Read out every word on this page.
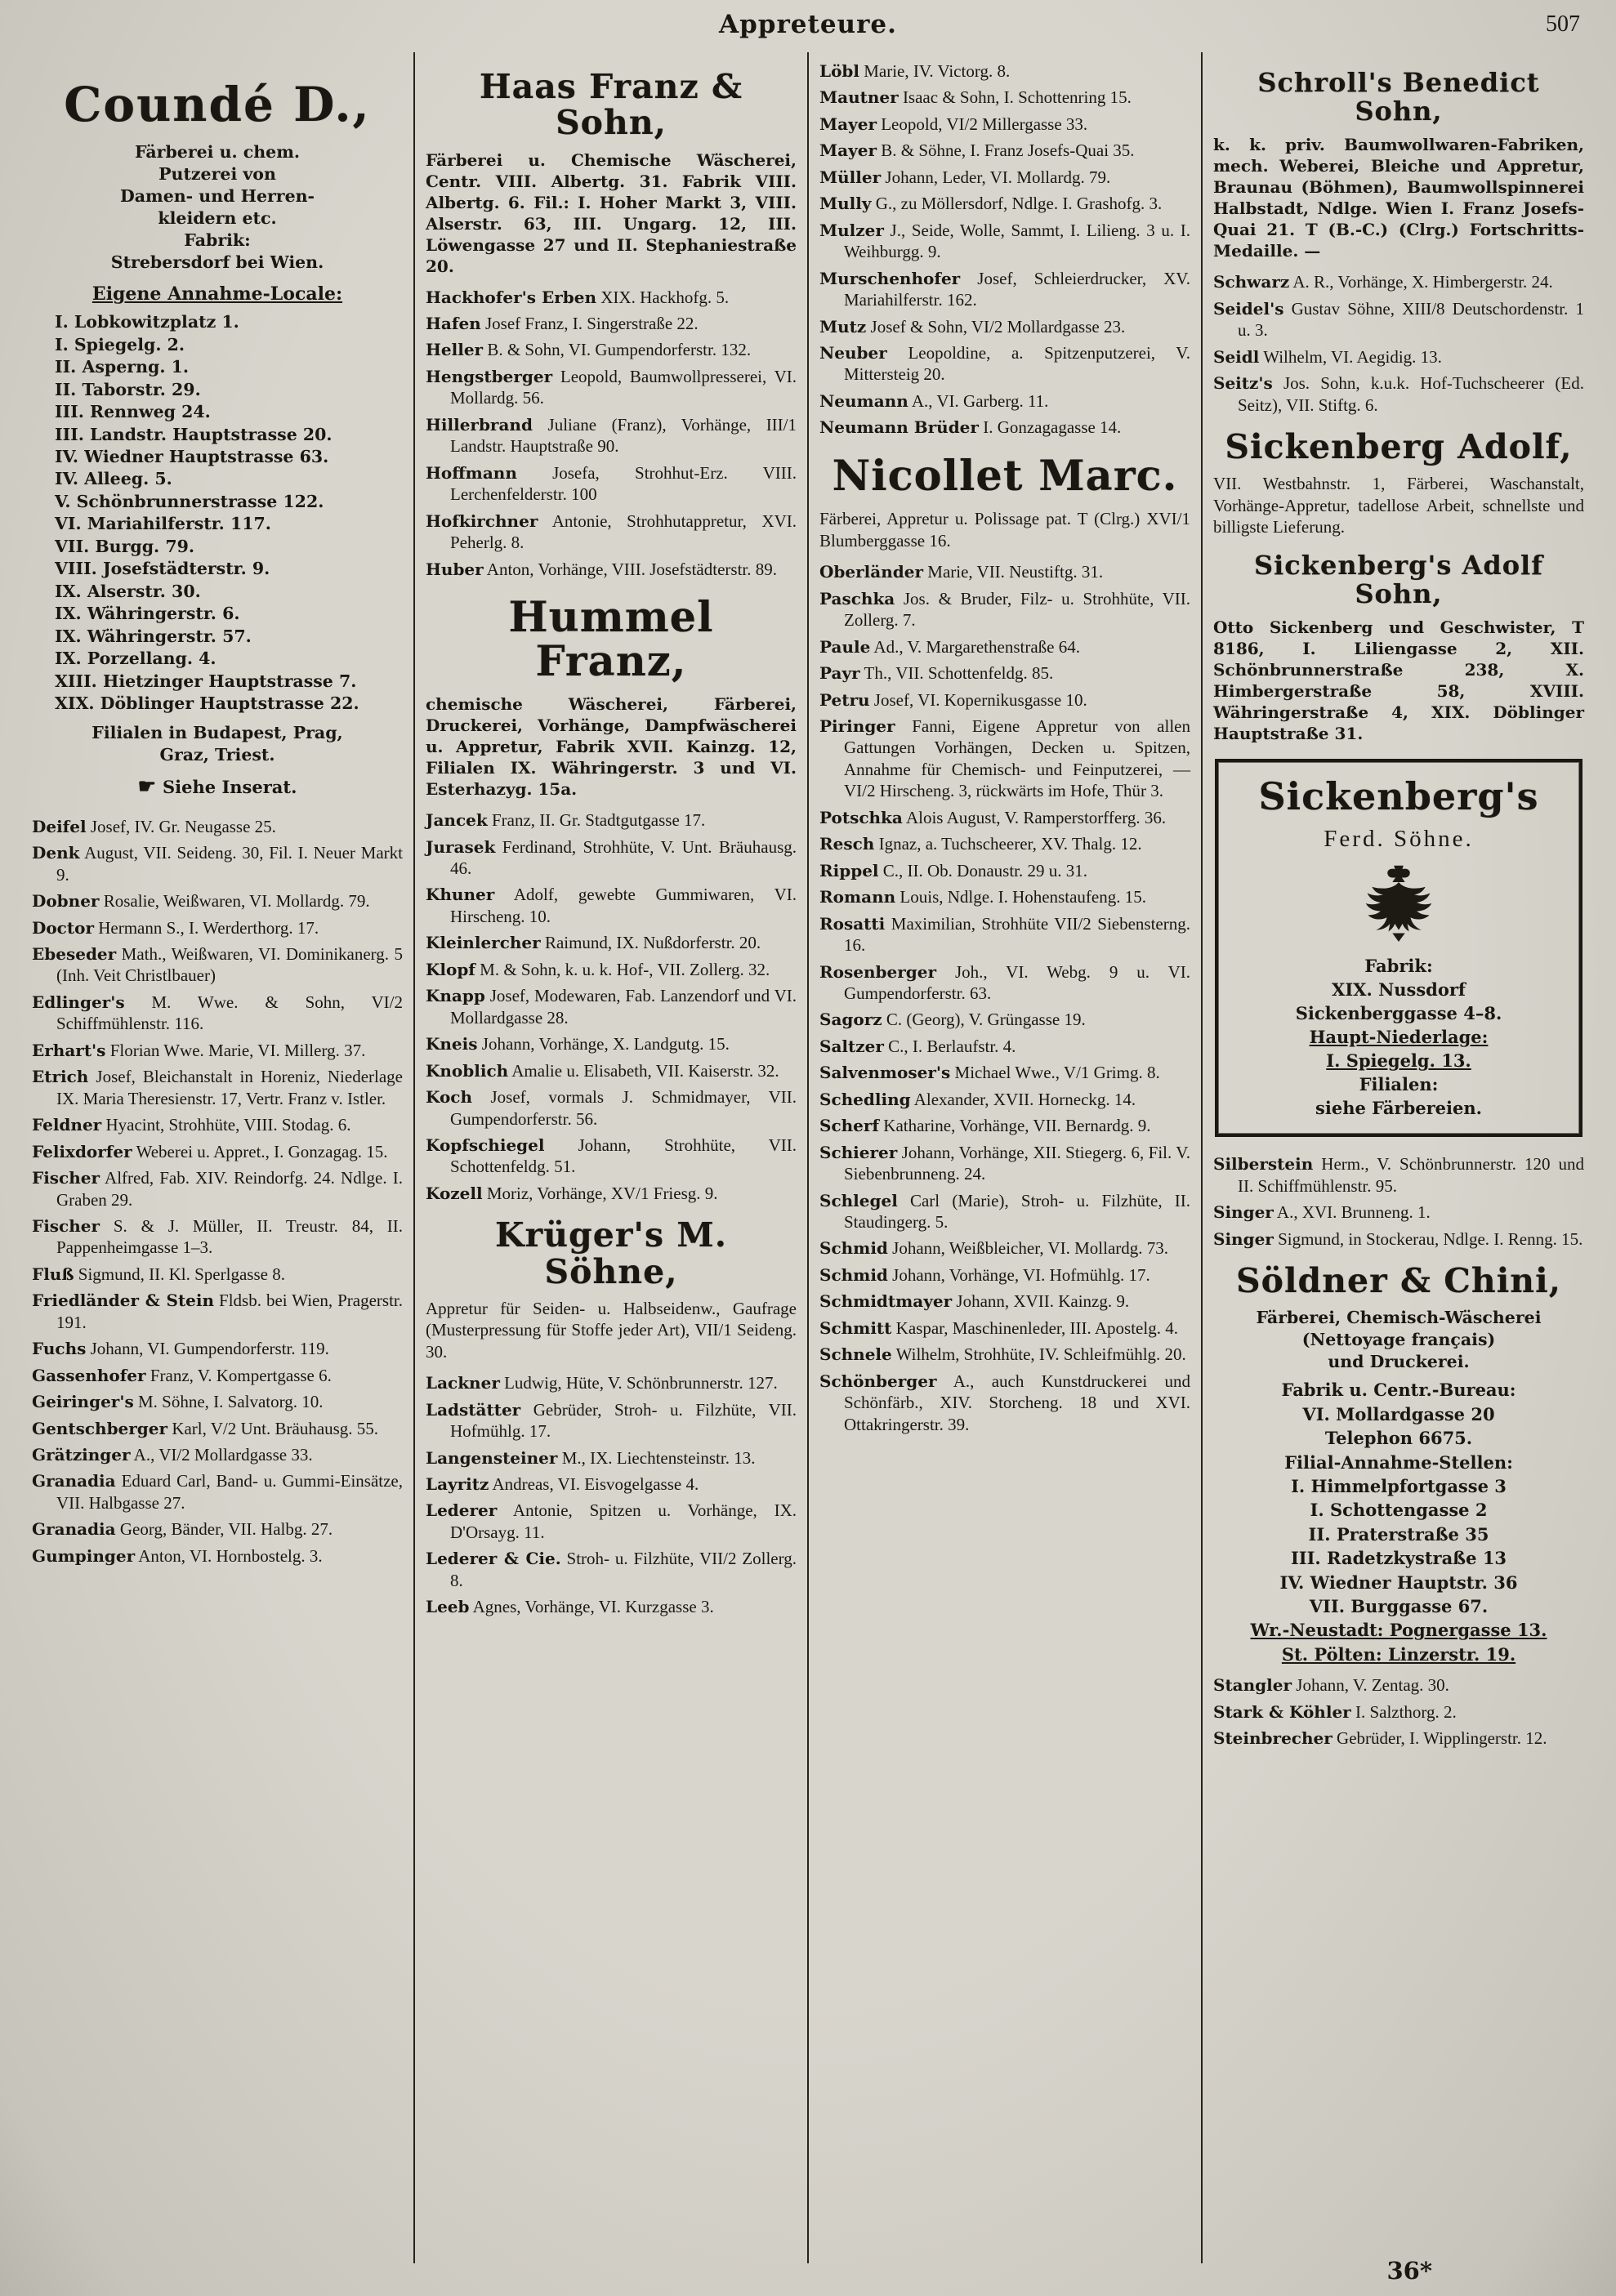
Appreteure.	507
Coundé D.,
Färberei u. chem.
Putzerei von
Damen- und Herren-
kleidern etc.
Fabrik:
Strebersdorf bei Wien.
Eigene Annahme-Locale:
I. Lobkowitzplatz 1.
I. Spiegelg. 2.
II. Asperng. 1.
II. Taborstr. 29.
III. Rennweg 24.
III. Landstr. Hauptstrasse 20.
IV. Wiedner Hauptstrasse 63.
IV. Alleeg. 5.
V. Schönbrunnerstrasse 122.
VI. Mariahilferstr. 117.
VII. Burgg. 79.
VIII. Josefstädterstr. 9.
IX. Alserstr. 30.
IX. Währingerstr. 6.
IX. Währingerstr. 57.
IX. Porzellang. 4.
XIII. Hietzinger Hauptstrasse 7.
XIX. Döblinger Hauptstrasse 22.
Filialen in Budapest, Prag,
Graz, Triest.
☛ Siehe Inserat.
Deifel Josef, IV. Gr. Neugasse 25.
Denk August, VII. Seideng. 30, Fil. I. Neuer Markt 9.
Dobner Rosalie, Weißwaren, VI. Mollardg. 79.
Doctor Hermann S., I. Werderthorg. 17.
Ebeseder Math., Weißwaren, VI. Dominikanerg. 5 (Inh. Veit Christlbauer)
Edlinger's M. Wwe. & Sohn, VI/2 Schiffmühlenstr. 116.
Erhart's Florian Wwe. Marie, VI. Millerg. 37.
Etrich Josef, Bleichanstalt in Horeniz, Niederlage IX. Maria Theresienstr. 17, Vertr. Franz v. Istler.
Feldner Hyacint, Strohhüte, VIII. Stodag. 6.
Felixdorfer Weberei u. Appret., I. Gonzagag. 15.
Fischer Alfred, Fab. XIV. Reindorfg. 24. Ndlge. I. Graben 29.
Fischer S. & J. Müller, II. Treustr. 84, II. Pappenheimgasse 1–3.
Fluß Sigmund, II. Kl. Sperlgasse 8.
Friedländer & Stein Fldsb. bei Wien, Pragerstr. 191.
Fuchs Johann, VI. Gumpendorferstr. 119.
Gassenhofer Franz, V. Kompertgasse 6.
Geiringer's M. Söhne, I. Salvatorg. 10.
Gentschberger Karl, V/2 Unt. Bräuhausg. 55.
Grätzinger A., VI/2 Mollardgasse 33.
Granadia Eduard Carl, Band- u. Gummi-Einsätze, VII. Halbgasse 27.
Granadia Georg, Bänder, VII. Halbg. 27.
Gumpinger Anton, VI. Hornbostelg. 3.
Haas Franz & Sohn,
Färberei u. Chemische Wäscherei, Centr. VIII. Albertg. 31. Fabrik VIII. Albertg. 6. Fil.: I. Hoher Markt 3, VIII. Alserstr. 63, III. Ungarg. 12, III. Löwengasse 27 und II. Stephaniestraße 20.
Hackhofer's Erben XIX. Hackhofg. 5.
Hafen Josef Franz, I. Singerstraße 22.
Heller B. & Sohn, VI. Gumpendorferstr. 132.
Hengstberger Leopold, Baumwollpresserei, VI. Mollardg. 56.
Hillerbrand Juliane (Franz), Vorhänge, III/1 Landstr. Hauptstraße 90.
Hoffmann Josefa, Strohhut-Erz. VIII. Lerchenfelderstr. 100
Hofkirchner Antonie, Strohhutappretur, XVI. Peherlg. 8.
Huber Anton, Vorhänge, VIII. Josefstädterstr. 89.
Hummel Franz,
chemische Wäscherei, Färberei, Druckerei, Vorhänge, Dampfwäscherei u. Appretur, Fabrik XVII. Kainzg. 12, Filialen IX. Währingerstr. 3 und VI. Esterhazyg. 15a.
Jancek Franz, II. Gr. Stadtgutgasse 17.
Jurasek Ferdinand, Strohhüte, V. Unt. Bräuhausg. 46.
Khuner Adolf, gewebte Gummiwaren, VI. Hirscheng. 10.
Kleinlercher Raimund, IX. Nußdorferstr. 20.
Klopf M. & Sohn, k. u. k. Hof-, VII. Zollerg. 32.
Knapp Josef, Modewaren, Fab. Lanzendorf und VI. Mollardgasse 28.
Kneis Johann, Vorhänge, X. Landgutg. 15.
Knoblich Amalie u. Elisabeth, VII. Kaiserstr. 32.
Koch Josef, vormals J. Schmidmayer, VII. Gumpendorferstr. 56.
Kopfschiegel Johann, Strohhüte, VII. Schottenfeldg. 51.
Kozell Moriz, Vorhänge, XV/1 Friesg. 9.
Krüger's M. Söhne,
Appretur für Seiden- u. Halbseidenw., Gaufrage (Musterpressung für Stoffe jeder Art), VII/1 Seideng. 30.
Lackner Ludwig, Hüte, V. Schönbrunnerstr. 127.
Ladstätter Gebrüder, Stroh- u. Filzhüte, VII. Hofmühlg. 17.
Langensteiner M., IX. Liechtensteinstr. 13.
Layritz Andreas, VI. Eisvogelgasse 4.
Lederer Antonie, Spitzen u. Vorhänge, IX. D'Orsayg. 11.
Lederer & Cie. Stroh- u. Filzhüte, VII/2 Zollerg. 8.
Leeb Agnes, Vorhänge, VI. Kurzgasse 3.
Löbl Marie, IV. Victorg. 8.
Mautner Isaac & Sohn, I. Schottenring 15.
Mayer Leopold, VI/2 Millergasse 33.
Mayer B. & Söhne, I. Franz Josefs-Quai 35.
Müller Johann, Leder, VI. Mollardg. 79.
Mully G., zu Möllersdorf, Ndlge. I. Grashofg. 3.
Mulzer J., Seide, Wolle, Sammt, I. Lilieng. 3 u. I. Weihburgg. 9.
Murschenhofer Josef, Schleierdrucker, XV. Mariahilferstr. 162.
Mutz Josef & Sohn, VI/2 Mollardgasse 23.
Neuber Leopoldine, a. Spitzenputzerei, V. Mittersteig 20.
Neumann A., VI. Garberg. 11.
Neumann Brüder I. Gonzagagasse 14.
Nicollet Marc.
Färberei, Appretur u. Polissage pat. T (Clrg.) XVI/1 Blumberggasse 16.
Oberländer Marie, VII. Neustiftg. 31.
Paschka Jos. & Bruder, Filz- u. Strohhüte, VII. Zollerg. 7.
Paule Ad., V. Margarethenstraße 64.
Payr Th., VII. Schottenfeldg. 85.
Petru Josef, VI. Kopernikusgasse 10.
Piringer Fanni, Eigene Appretur von allen Gattungen Vorhängen, Decken u. Spitzen, Annahme für Chemisch- und Feinputzerei, — VI/2 Hirscheng. 3, rückwärts im Hofe, Thür 3.
Potschka Alois August, V. Ramperstorfferg. 36.
Resch Ignaz, a. Tuchscheerer, XV. Thalg. 12.
Rippel C., II. Ob. Donaustr. 29 u. 31.
Romann Louis, Ndlge. I. Hohenstaufeng. 15.
Rosatti Maximilian, Strohhüte VII/2 Siebensterng. 16.
Rosenberger Joh., VI. Webg. 9 u. VI. Gumpendorferstr. 63.
Sagorz C. (Georg), V. Grüngasse 19.
Saltzer C., I. Berlaufstr. 4.
Salvenmoser's Michael Wwe., V/1 Grimg. 8.
Schedling Alexander, XVII. Horneckg. 14.
Scherf Katharine, Vorhänge, VII. Bernardg. 9.
Schierer Johann, Vorhänge, XII. Stiegerg. 6, Fil. V. Siebenbrunneng. 24.
Schlegel Carl (Marie), Stroh- u. Filzhüte, II. Staudingerg. 5.
Schmid Johann, Weißbleicher, VI. Mollardg. 73.
Schmid Johann, Vorhänge, VI. Hofmühlg. 17.
Schmidtmayer Johann, XVII. Kainzg. 9.
Schmitt Kaspar, Maschinenleder, III. Apostelg. 4.
Schnele Wilhelm, Strohhüte, IV. Schleifmühlg. 20.
Schönberger A., auch Kunstdruckerei und Schönfärb., XIV. Storcheng. 18 und XVI. Ottakringerstr. 39.
Schroll's Benedict Sohn,
k. k. priv. Baumwollwaren-Fabriken, mech. Weberei, Bleiche und Appretur, Braunau (Böhmen), Baumwollspinnerei Halbstadt, Ndlge. Wien I. Franz Josefs-Quai 21. T (B.-C.) (Clrg.) Fortschritts-Medaille. —
Schwarz A. R., Vorhänge, X. Himbergerstr. 24.
Seidel's Gustav Söhne, XIII/8 Deutschordenstr. 1 u. 3.
Seidl Wilhelm, VI. Aegidig. 13.
Seitz's Jos. Sohn, k.u.k. Hof-Tuchscheerer (Ed. Seitz), VII. Stiftg. 6.
Sickenberg Adolf,
VII. Westbahnstr. 1, Färberei, Waschanstalt, Vorhänge-Appretur, tadellose Arbeit, schnellste und billigste Lieferung.
Sickenberg's Adolf Sohn,
Otto Sickenberg und Geschwister, T 8186, I. Liliengasse 2, XII. Schönbrunnerstraße 238, X. Himbergerstraße 58, XVIII. Währingerstraße 4, XIX. Döblinger Hauptstraße 31.
Sickenberg's
Ferd. Söhne.
Fabrik:
XIX. Nussdorf
Sickenberggasse 4–8.
Haupt-Niederlage:
I. Spiegelg. 13.
Filialen:
siehe Färbereien.
Silberstein Herm., V. Schönbrunnerstr. 120 und II. Schiffmühlenstr. 95.
Singer A., XVI. Brunneng. 1.
Singer Sigmund, in Stockerau, Ndlge. I. Renng. 15.
Söldner & Chini,
Färberei, Chemisch-Wäscherei
(Nettoyage français)
und Druckerei.
Fabrik u. Centr.-Bureau:
VI. Mollardgasse 20
Telephon 6675.
Filial-Annahme-Stellen:
I. Himmelpfortgasse 3
I. Schottengasse 2
II. Praterstraße 35
III. Radetzkystraße 13
IV. Wiedner Hauptstr. 36
VII. Burggasse 67.
Wr.-Neustadt: Pognergasse 13.
St. Pölten: Linzerstr. 19.
Stangler Johann, V. Zentag. 30.
Stark & Köhler I. Salzthorg. 2.
Steinbrecher Gebrüder, I. Wipplingerstr. 12.
36*
